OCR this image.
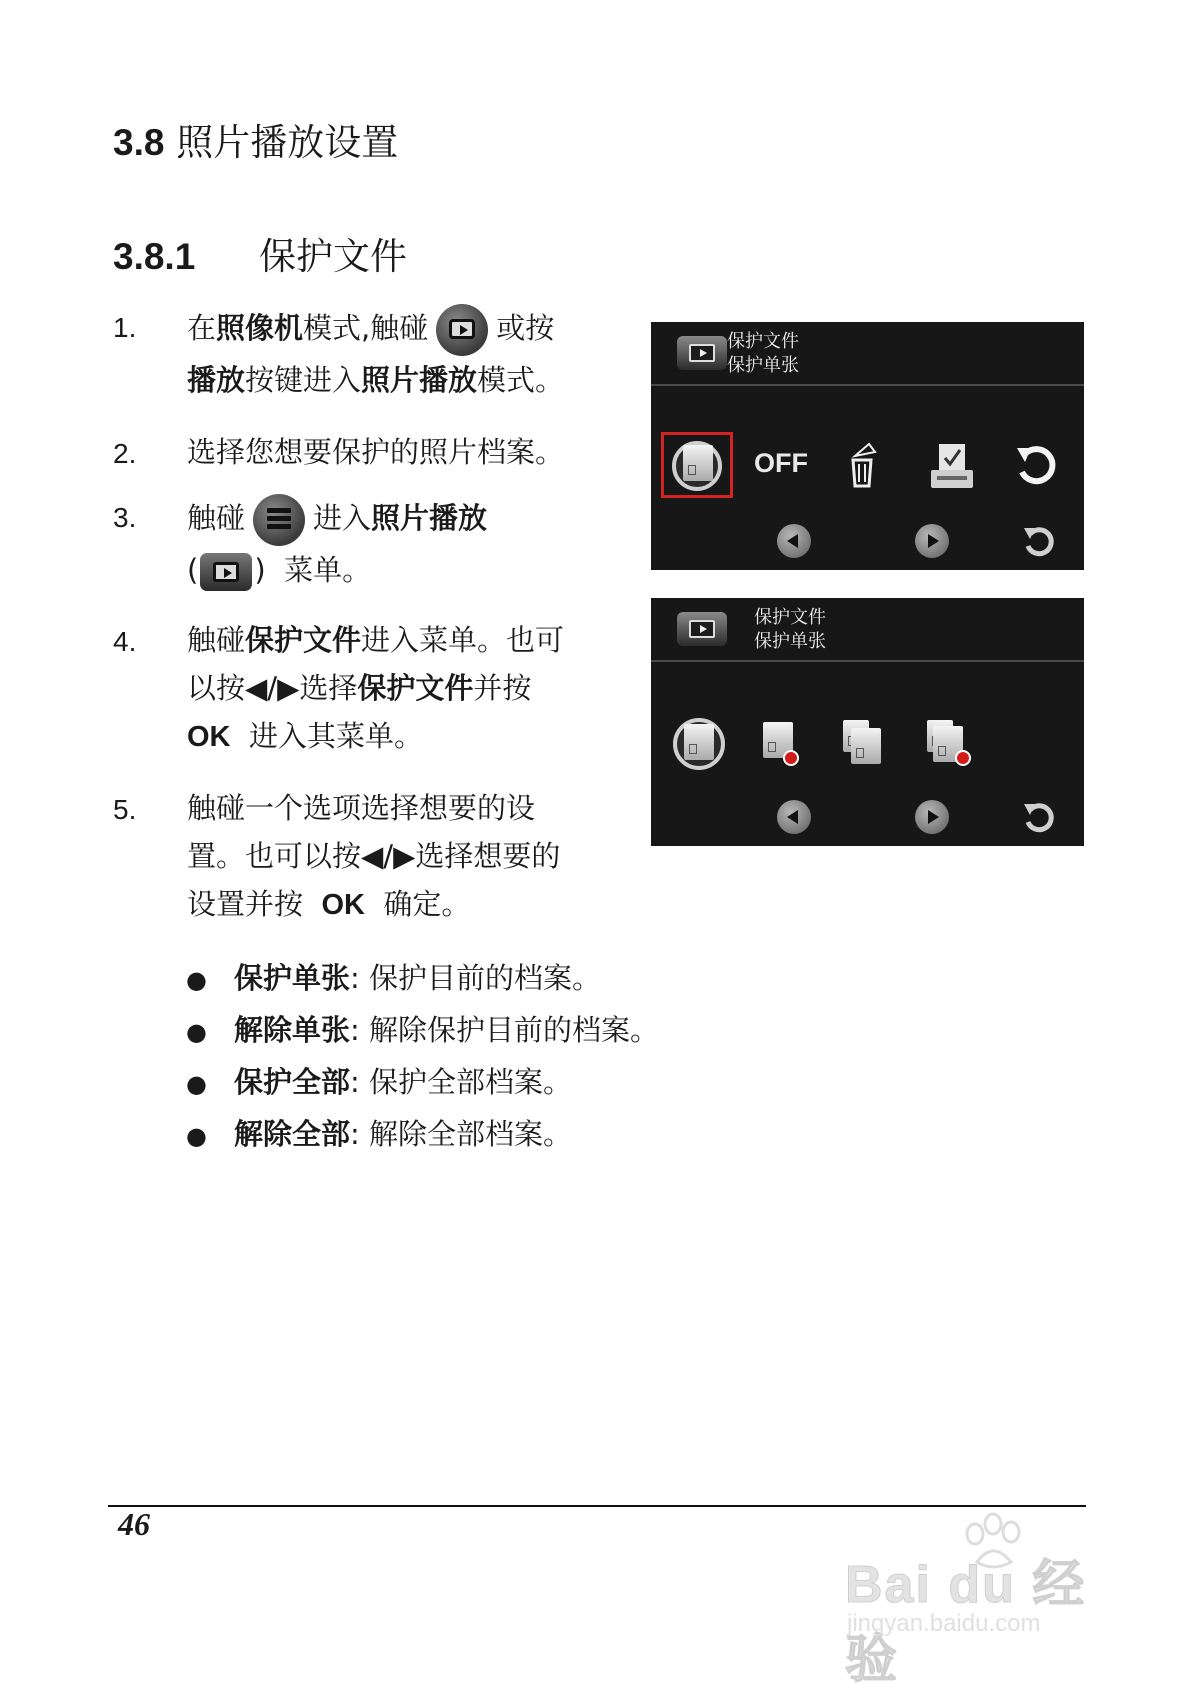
3.8 照片播放设置
3.8.1 保护文件
1. 在照像机模式,触碰 或按
播放按键进入照片播放模式。
2. 选择您想要保护的照片档案。
3. 触碰 进入照片播放
( ) 菜单。
4. 触碰保护文件进入菜单。也可
以按◀/▶选择保护文件并按
OK 进入其菜单。
5. 触碰一个选项选择想要的设
置。也可以按◀/▶选择想要的
设置并按 OK 确定。
● 保护单张: 保护目前的档案。
● 解除单张: 解除保护目前的档案。
● 保护全部: 保护全部档案。
● 解除全部: 解除全部档案。
保护文件
保护单张
OFF
保护文件
保护单张
46
Bai du 经验
jingyan.baidu.com
